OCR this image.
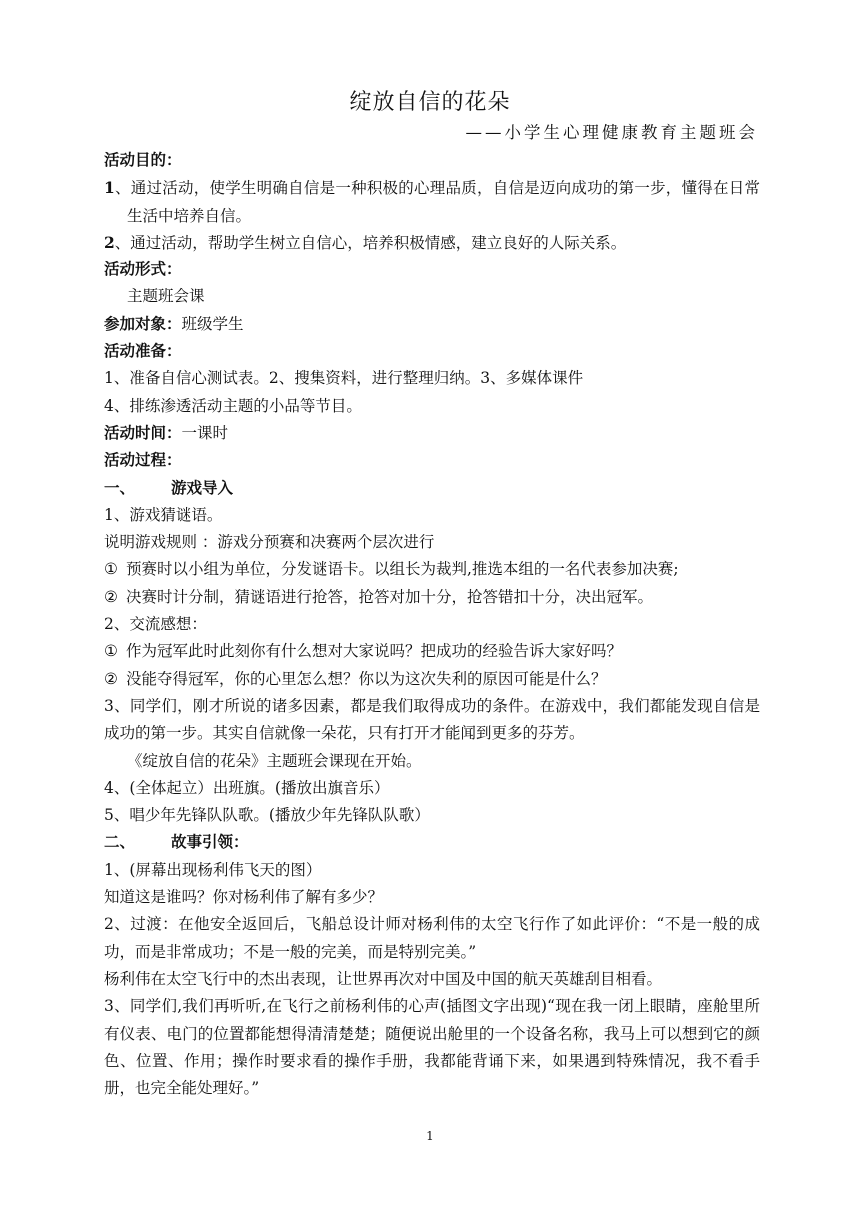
绽放自信的花朵
——小学生心理健康教育主题班会
活动目的：
1、通过活动，使学生明确自信是一种积极的心理品质，自信是迈向成功的第一步，懂得在日常生活中培养自信。
2、通过活动，帮助学生树立自信心，培养积极情感，建立良好的人际关系。
活动形式：
主题班会课
参加对象：班级学生
活动准备：
1、准备自信心测试表。2、搜集资料，进行整理归纳。3、多媒体课件
4、排练渗透活动主题的小品等节目。
活动时间：一课时
活动过程：
一、 游戏导入
1、游戏猜谜语。
说明游戏规则 ：游戏分预赛和决赛两个层次进行
① 预赛时以小组为单位，分发谜语卡。以组长为裁判,推选本组的一名代表参加决赛;
② 决赛时计分制，猜谜语进行抢答，抢答对加十分，抢答错扣十分，决出冠军。
2、交流感想：
① 作为冠军此时此刻你有什么想对大家说吗？把成功的经验告诉大家好吗？
② 没能夺得冠军，你的心里怎么想？你以为这次失利的原因可能是什么？
3、同学们，刚才所说的诸多因素，都是我们取得成功的条件。在游戏中，我们都能发现自信是成功的第一步。其实自信就像一朵花，只有打开才能闻到更多的芬芳。
《绽放自信的花朵》主题班会课现在开始。
4、(全体起立）出班旗。(播放出旗音乐）
5、唱少年先锋队队歌。(播放少年先锋队队歌）
二、 故事引领：
1、(屏幕出现杨利伟飞天的图）
知道这是谁吗？你对杨利伟了解有多少？
2、过渡：在他安全返回后，飞船总设计师对杨利伟的太空飞行作了如此评价：“不是一般的成功，而是非常成功；不是一般的完美，而是特别完美。”
杨利伟在太空飞行中的杰出表现，让世界再次对中国及中国的航天英雄刮目相看。
3、同学们,我们再听听,在飞行之前杨利伟的心声(插图文字出现)“现在我一闭上眼睛，座舱里所有仪表、电门的位置都能想得清清楚楚；随便说出舱里的一个设备名称，我马上可以想到它的颜色、位置、作用；操作时要求看的操作手册，我都能背诵下来，如果遇到特殊情况，我不看手册，也完全能处理好。”
1
